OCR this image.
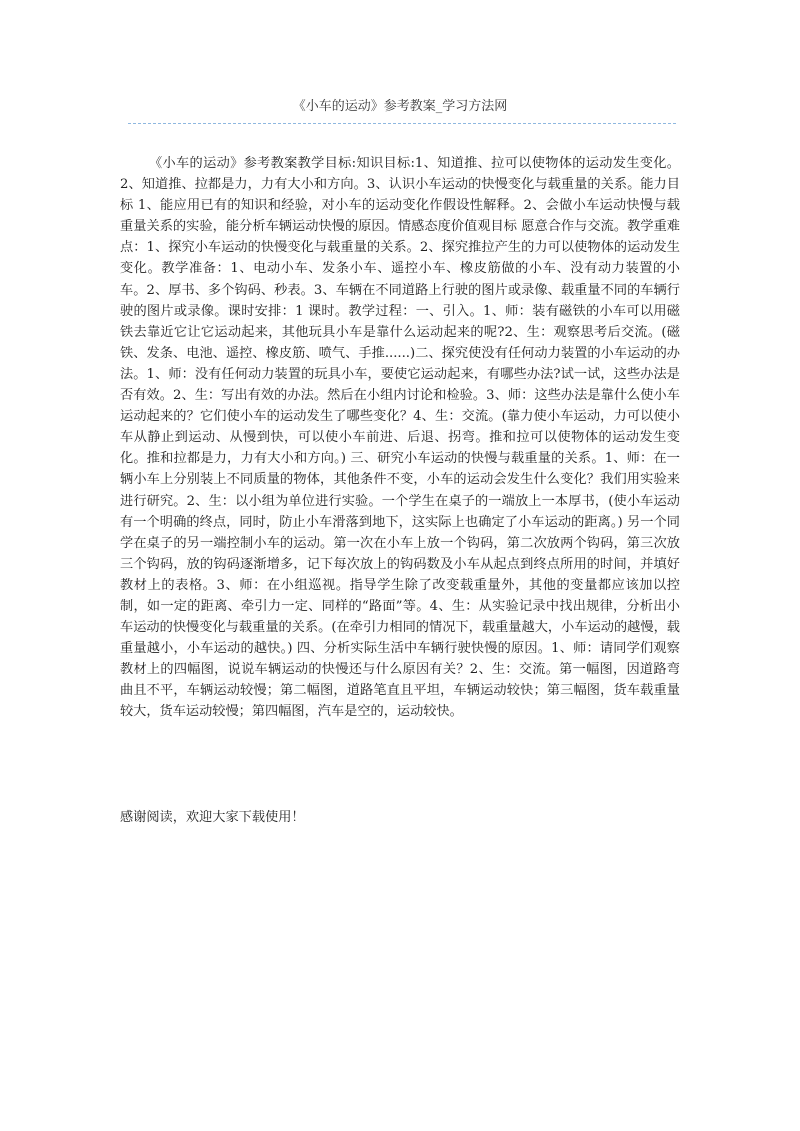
《小车的运动》参考教案_学习方法网

《小车的运动》参考教案教学目标:知识目标:1、知道推、拉可以使物体的运动发生变化。2、知道推、拉都是力，力有大小和方向。3、认识小车运动的快慢变化与载重量的关系。能力目标 1、能应用已有的知识和经验，对小车的运动变化作假设性解释。2、会做小车运动快慢与载重量关系的实验，能分析车辆运动快慢的原因。情感态度价值观目标 愿意合作与交流。教学重难点：1、探究小车运动的快慢变化与载重量的关系。2、探究推拉产生的力可以使物体的运动发生变化。教学准备：1、电动小车、发条小车、遥控小车、橡皮筋做的小车、没有动力装置的小车。2、厚书、多个钩码、秒表。3、车辆在不同道路上行驶的图片或录像、载重量不同的车辆行驶的图片或录像。课时安排：1 课时。教学过程：一、引入。1、师：装有磁铁的小车可以用磁铁去靠近它让它运动起来，其他玩具小车是靠什么运动起来的呢?2、生：观察思考后交流。(磁铁、发条、电池、遥控、橡皮筋、喷气、手推......)二、探究使没有任何动力装置的小车运动的办法。1、师：没有任何动力装置的玩具小车，要使它运动起来，有哪些办法?试一试，这些办法是否有效。2、生：写出有效的办法。然后在小组内讨论和检验。3、师：这些办法是靠什么使小车运动起来的？它们使小车的运动发生了哪些变化？4、生：交流。(靠力使小车运动，力可以使小车从静止到运动、从慢到快，可以使小车前进、后退、拐弯。推和拉可以使物体的运动发生变化。推和拉都是力，力有大小和方向。) 三、研究小车运动的快慢与载重量的关系。1、师：在一辆小车上分别装上不同质量的物体，其他条件不变，小车的运动会发生什么变化？我们用实验来进行研究。2、生：以小组为单位进行实验。一个学生在桌子的一端放上一本厚书，(使小车运动有一个明确的终点，同时，防止小车滑落到地下，这实际上也确定了小车运动的距离。) 另一个同学在桌子的另一端控制小车的运动。第一次在小车上放一个钩码，第二次放两个钩码，第三次放三个钩码，放的钩码逐渐增多，记下每次放上的钩码数及小车从起点到终点所用的时间，并填好教材上的表格。3、师：在小组巡视。指导学生除了改变载重量外，其他的变量都应该加以控制，如一定的距离、牵引力一定、同样的“路面”等。4、生：从实验记录中找出规律，分析出小车运动的快慢变化与载重量的关系。(在牵引力相同的情况下，载重量越大，小车运动的越慢，载重量越小，小车运动的越快。) 四、分析实际生活中车辆行驶快慢的原因。1、师：请同学们观察教材上的四幅图，说说车辆运动的快慢还与什么原因有关？2、生：交流。第一幅图，因道路弯曲且不平，车辆运动较慢；第二幅图，道路笔直且平坦，车辆运动较快；第三幅图，货车载重量较大，货车运动较慢；第四幅图，汽车是空的，运动较快。

感谢阅读，欢迎大家下载使用！
